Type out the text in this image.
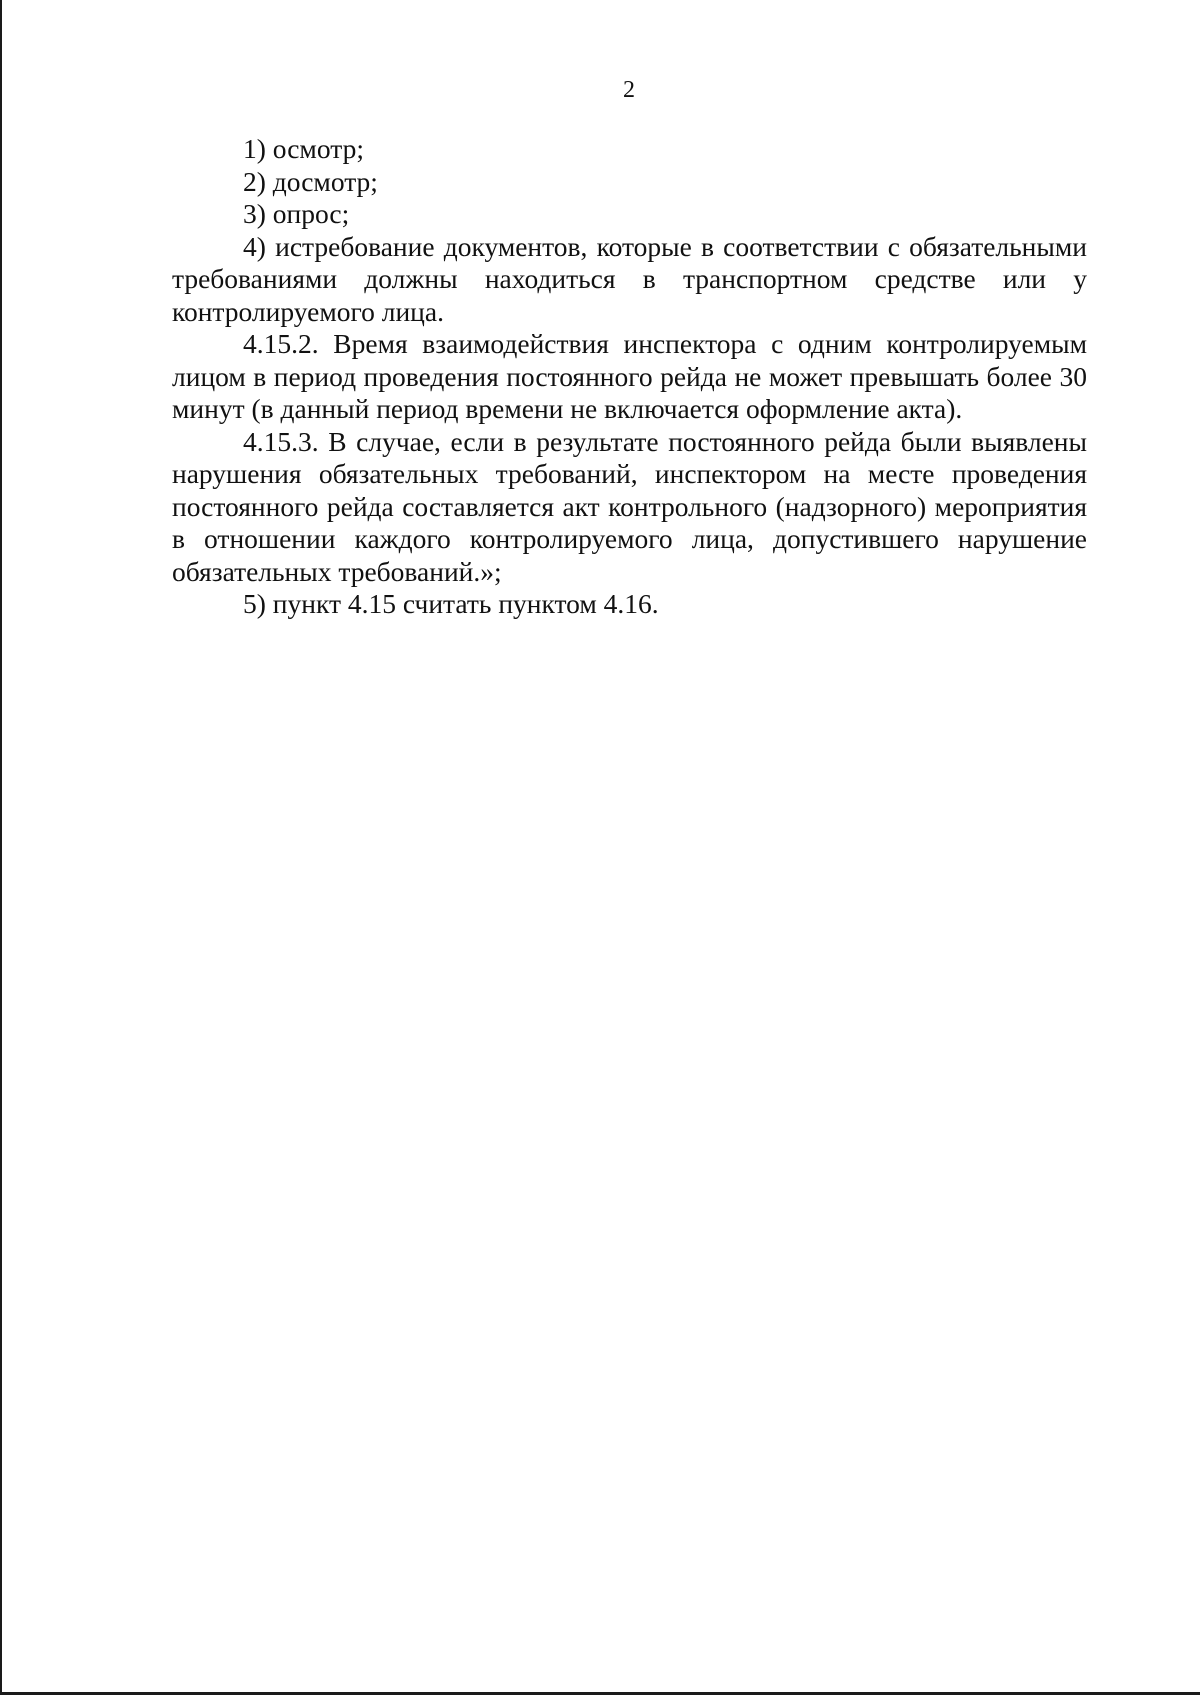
2

1) осмотр;

2) досмотр;

3) опрос;

4) истребование документов, которые в соответствии с обязательными требованиями должны находиться в транспортном средстве или у контролируемого лица.

4.15.2. Время взаимодействия инспектора с одним контролируемым лицом в период проведения постоянного рейда не может превышать более 30 минут (в данный период времени не включается оформление акта).

4.15.3. В случае, если в результате постоянного рейда были выявлены нарушения обязательных требований, инспектором на месте проведения постоянного рейда составляется акт контрольного (надзорного) мероприятия в отношении каждого контролируемого лица, допустившего нарушение обязательных требований.»;

5) пункт 4.15 считать пунктом 4.16.
